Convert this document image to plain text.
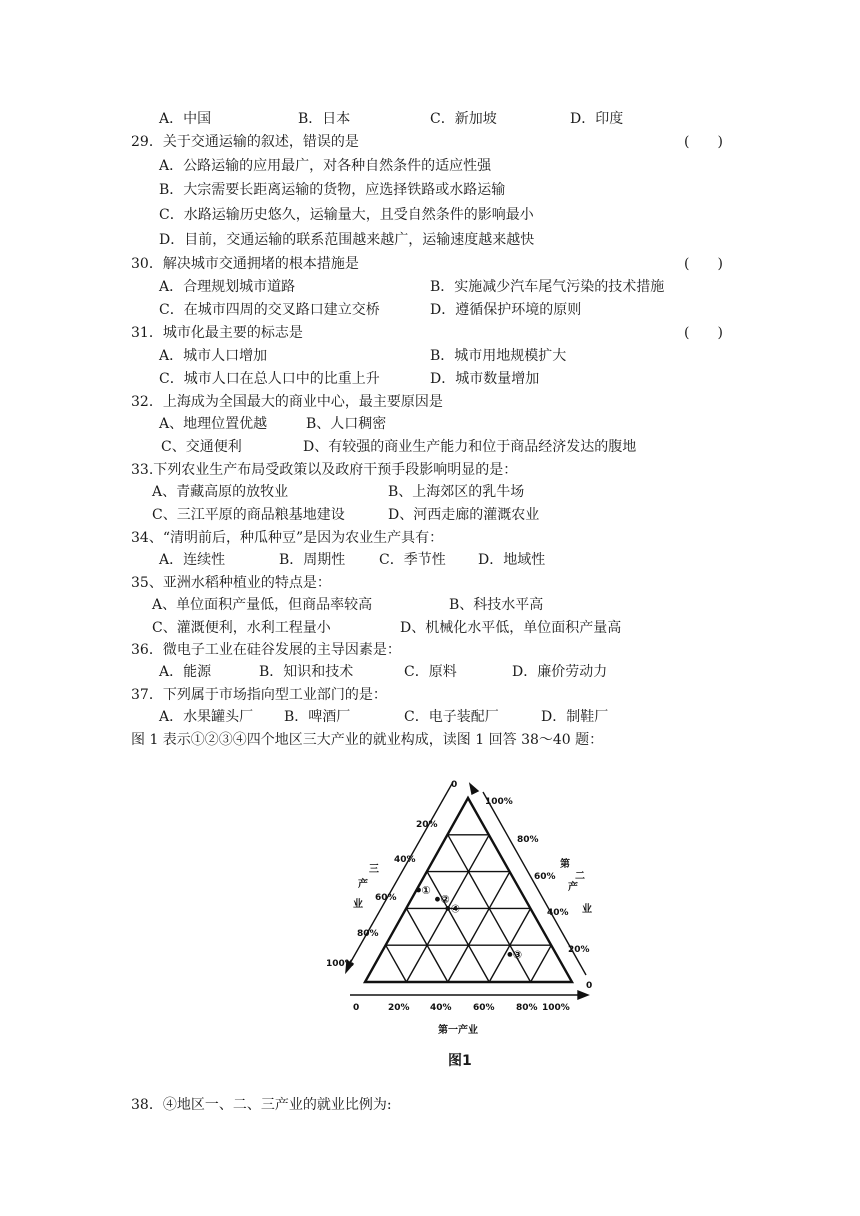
A．中国	B．日本	C．新加坡	D．印度
29．关于交通运输的叙述，错误的是	(　　)
A．公路运输的应用最广，对各种自然条件的适应性强
B．大宗需要长距离运输的货物，应选择铁路或水路运输
C．水路运输历史悠久，运输量大，且受自然条件的影响最小
D．目前，交通运输的联系范围越来越广，运输速度越来越快
30．解决城市交通拥堵的根本措施是	(　　)
A．合理规划城市道路	B．实施减少汽车尾气污染的技术措施
C．在城市四周的交叉路口建立交桥	D．遵循保护环境的原则
31．城市化最主要的标志是	(　　)
A．城市人口增加	B．城市用地规模扩大
C．城市人口在总人口中的比重上升	D．城市数量增加
32．上海成为全国最大的商业中心，最主要原因是
A、地理位置优越	B、人口稠密
C、交通便利	D、有较强的商业生产能力和位于商品经济发达的腹地
33.下列农业生产布局受政策以及政府干预手段影响明显的是：
A、青藏高原的放牧业	B、上海郊区的乳牛场
C、三江平原的商品粮基地建设	D、河西走廊的灌溉农业
34、“清明前后，种瓜种豆”是因为农业生产具有：
A．连续性	B．周期性 C．季节性 D．地域性
35、亚洲水稻种植业的特点是：
A、单位面积产量低，但商品率较高	B、科技水平高
C、灌溉便利，水利工程量小	D、机械化水平低，单位面积产量高
36．微电子工业在硅谷发展的主导因素是：
A．能源	B．知识和技术	C．原料	D．廉价劳动力
37．下列属于市场指向型工业部门的是：
A．水果罐头厂 B．啤酒厂	C．电子装配厂	D．制鞋厂
图 1 表示①②③④四个地区三大产业的就业构成，读图 1 回答 38～40 题：
0	20% 40% 60% 80% 100%
100%
80%
60%
40%
20%
0
0
20%
40%
60%
80%
100%
第一产业
第
二
产
业
三
产
业
①
②
③
④
图1
38．④地区一、二、三产业的就业比例为:
